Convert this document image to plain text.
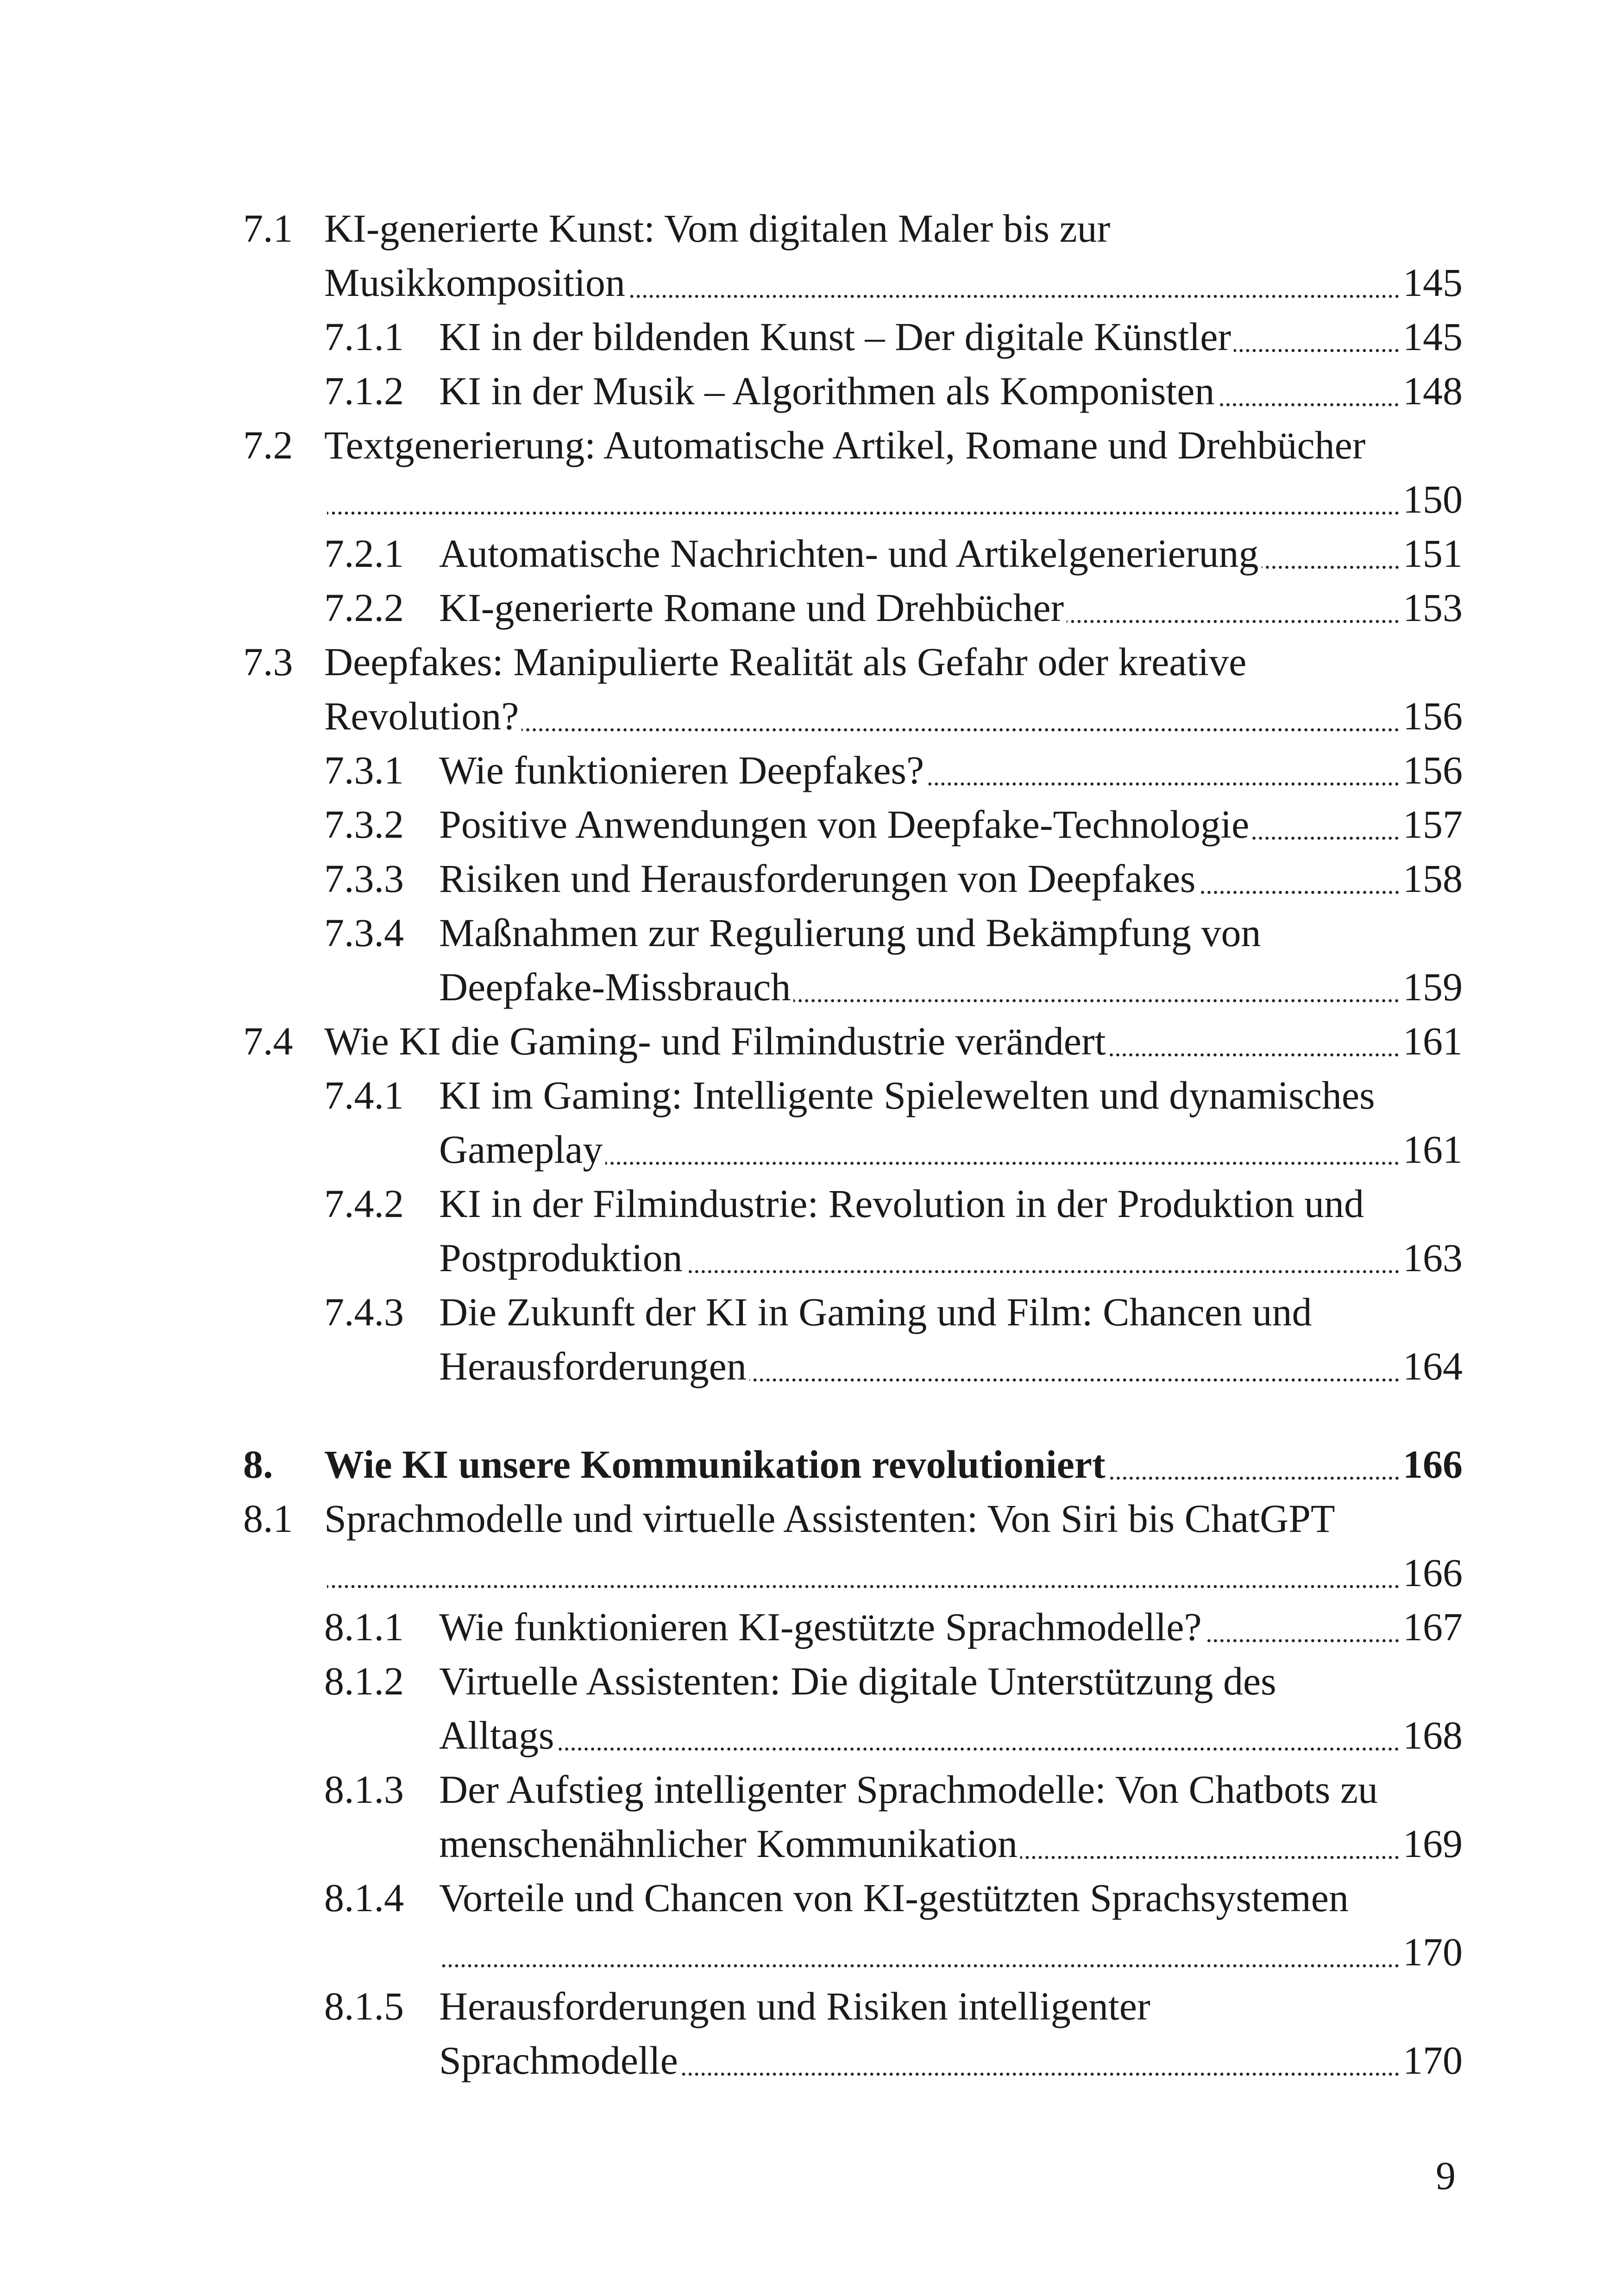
7.1 KI-generierte Kunst: Vom digitalen Maler bis zur
Musikkomposition	145
7.1.1 KI in der bildenden Kunst – Der digitale Künstler	145
7.1.2 KI in der Musik – Algorithmen als Komponisten	148
7.2 Textgenerierung: Automatische Artikel, Romane und Drehbücher
150
7.2.1 Automatische Nachrichten- und Artikelgenerierung	151
7.2.2 KI-generierte Romane und Drehbücher	153
7.3 Deepfakes: Manipulierte Realität als Gefahr oder kreative
Revolution?	156
7.3.1 Wie funktionieren Deepfakes?	156
7.3.2 Positive Anwendungen von Deepfake-Technologie	157
7.3.3 Risiken und Herausforderungen von Deepfakes	158
7.3.4 Maßnahmen zur Regulierung und Bekämpfung von
Deepfake-Missbrauch	159
7.4 Wie KI die Gaming- und Filmindustrie verändert	161
7.4.1 KI im Gaming: Intelligente Spielewelten und dynamisches
Gameplay	161
7.4.2 KI in der Filmindustrie: Revolution in der Produktion und
Postproduktion	163
7.4.3 Die Zukunft der KI in Gaming und Film: Chancen und
Herausforderungen	164
8.	Wie KI unsere Kommunikation revolutioniert	166
8.1 Sprachmodelle und virtuelle Assistenten: Von Siri bis ChatGPT
166
8.1.1 Wie funktionieren KI-gestützte Sprachmodelle?	167
8.1.2 Virtuelle Assistenten: Die digitale Unterstützung des
Alltags	168
8.1.3 Der Aufstieg intelligenter Sprachmodelle: Von Chatbots zu
menschenähnlicher Kommunikation	169
8.1.4 Vorteile und Chancen von KI-gestützten Sprachsystemen
170
8.1.5 Herausforderungen und Risiken intelligenter
Sprachmodelle	170
9
